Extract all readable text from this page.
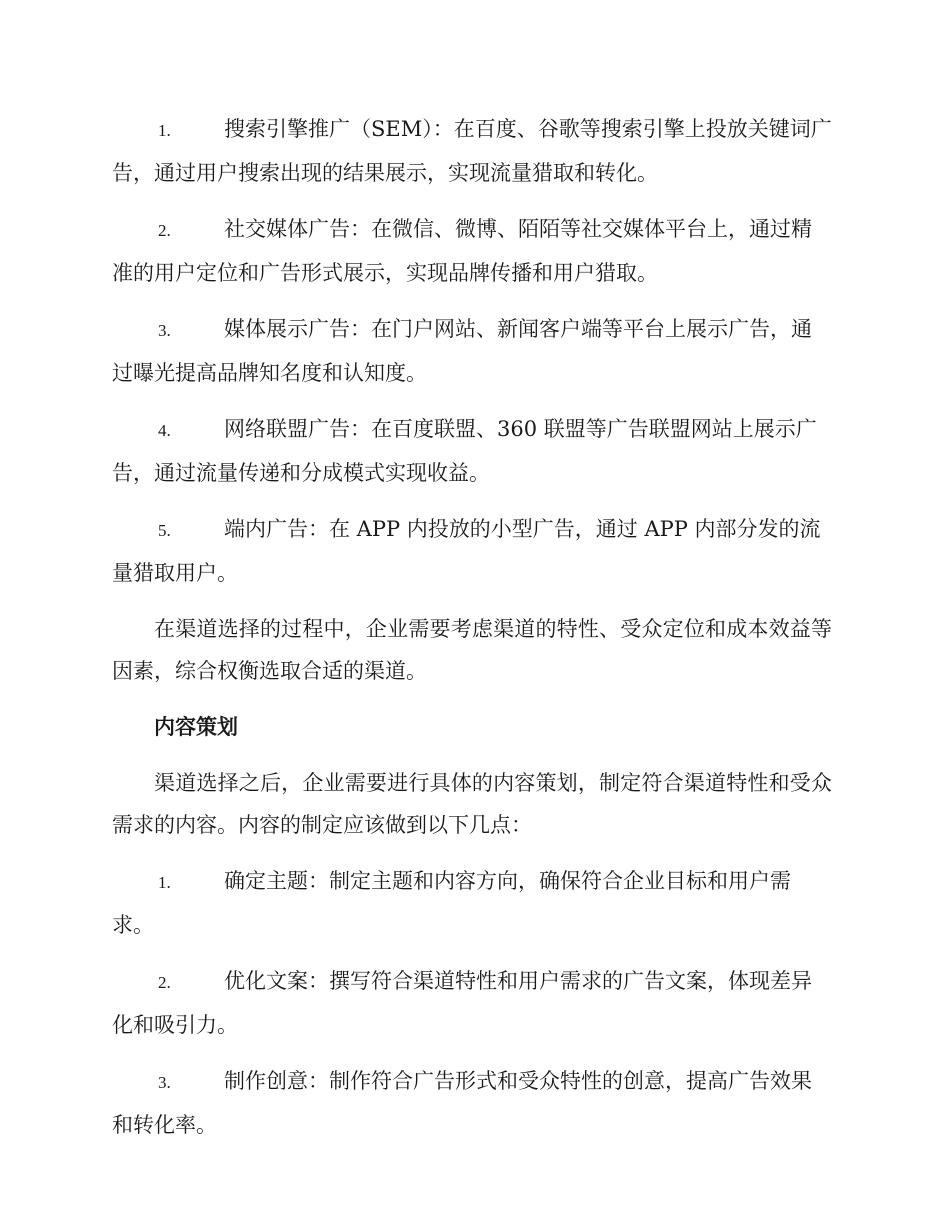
1.	搜索引擎推广（SEM）：在百度、谷歌等搜索引擎上投放关键词广告，通过用户搜索出现的结果展示，实现流量猎取和转化。

2.	社交媒体广告：在微信、微博、陌陌等社交媒体平台上，通过精准的用户定位和广告形式展示，实现品牌传播和用户猎取。

3.	媒体展示广告：在门户网站、新闻客户端等平台上展示广告，通过曝光提高品牌知名度和认知度。

4.	网络联盟广告：在百度联盟、360 联盟等广告联盟网站上展示广告，通过流量传递和分成模式实现收益。

5.	端内广告：在 APP 内投放的小型广告，通过 APP 内部分发的流量猎取用户。

在渠道选择的过程中，企业需要考虑渠道的特性、受众定位和成本效益等因素，综合权衡选取合适的渠道。

内容策划

渠道选择之后，企业需要进行具体的内容策划，制定符合渠道特性和受众需求的内容。内容的制定应该做到以下几点：

1.	确定主题：制定主题和内容方向，确保符合企业目标和用户需求。

2.	优化文案：撰写符合渠道特性和用户需求的广告文案，体现差异化和吸引力。

3.	制作创意：制作符合广告形式和受众特性的创意，提高广告效果和转化率。
